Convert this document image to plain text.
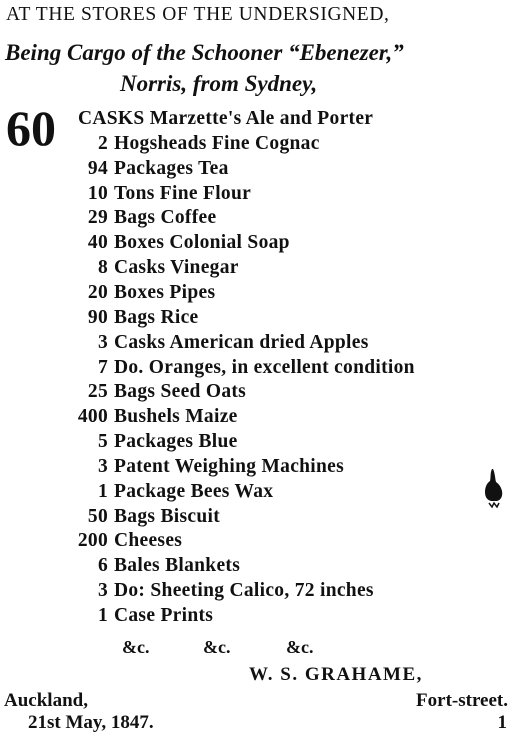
AT THE STORES OF THE UNDERSIGNED,
Being Cargo of the Schooner “Ebenezer,”
Norris, from Sydney,
60 CASKS Marzette's Ale and Porter
2 Hogsheads Fine Cognac
94 Packages Tea
10 Tons Fine Flour
29 Bags Coffee
40 Boxes Colonial Soap
8 Casks Vinegar
20 Boxes Pipes
90 Bags Rice
3 Casks American dried Apples
7 Do. Oranges, in excellent condition
25 Bags Seed Oats
400 Bushels Maize
5 Packages Blue
3 Patent Weighing Machines
1 Package Bees Wax
50 Bags Biscuit
200 Cheeses
6 Bales Blankets
3 Do: Sheeting Calico, 72 inches
1 Case Prints
&c.	&c.	&c.
W. S. GRAHAME,
Auckland,	Fort-street.
21st May, 1847.	1
